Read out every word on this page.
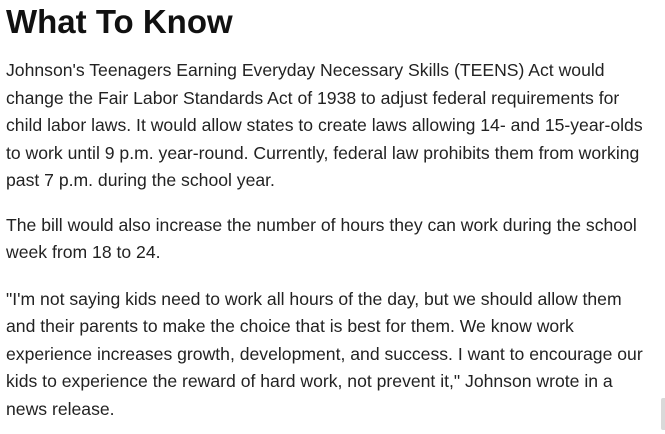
What To Know

Johnson's Teenagers Earning Everyday Necessary Skills (TEENS) Act would change the Fair Labor Standards Act of 1938 to adjust federal requirements for child labor laws. It would allow states to create laws allowing 14- and 15-year-olds to work until 9 p.m. year-round. Currently, federal law prohibits them from working past 7 p.m. during the school year.

The bill would also increase the number of hours they can work during the school week from 18 to 24.

"I'm not saying kids need to work all hours of the day, but we should allow them and their parents to make the choice that is best for them. We know work experience increases growth, development, and success. I want to encourage our kids to experience the reward of hard work, not prevent it," Johnson wrote in a news release.
